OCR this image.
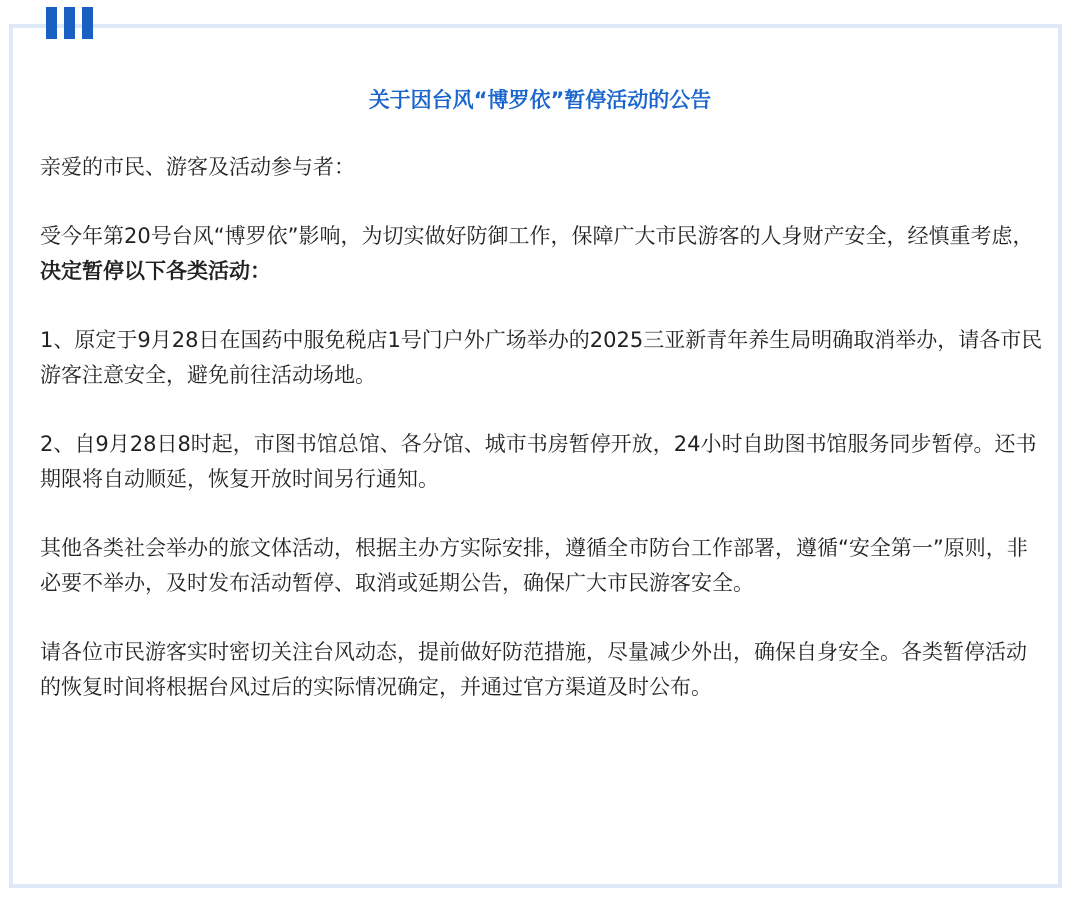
关于因台风“博罗依”暂停活动的公告

亲爱的市民、游客及活动参与者：

受今年第20号台风“博罗依”影响，为切实做好防御工作，保障广大市民游客的人身财产安全，经慎重考虑，决定暂停以下各类活动：

1、原定于9月28日在国药中服免税店1号门户外广场举办的2025三亚新青年养生局明确取消举办，请各市民游客注意安全，避免前往活动场地。

2、自9月28日8时起，市图书馆总馆、各分馆、城市书房暂停开放，24小时自助图书馆服务同步暂停。还书期限将自动顺延，恢复开放时间另行通知。

其他各类社会举办的旅文体活动，根据主办方实际安排，遵循全市防台工作部署，遵循“安全第一”原则，非必要不举办，及时发布活动暂停、取消或延期公告，确保广大市民游客安全。

请各位市民游客实时密切关注台风动态，提前做好防范措施，尽量减少外出，确保自身安全。各类暂停活动的恢复时间将根据台风过后的实际情况确定，并通过官方渠道及时公布。
